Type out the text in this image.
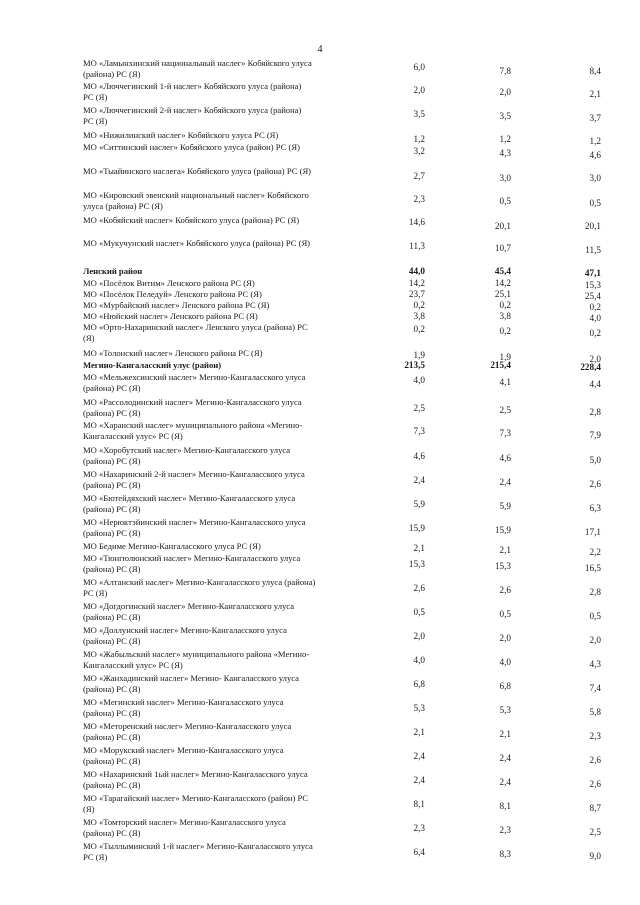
4
МО «Ламынхинский национальный наслег» Кобяйского улуса
(района) РС (Я)
6,0	7,8	8,4
МО «Люччегинский 1-й наслег» Кобяйского улуса (района)
РС (Я)
2,0	2,0	2,1
МО «Люччегинский 2-й наслег» Кобяйского улуса (района)
РС (Я)
3,5	3,5	3,7
МО «Нижилинский наслег» Кобяйского улуса РС (Я)	1,2	1,2	1,2
МО «Ситтинский наслег» Кобяйского улуса (район) РС (Я)	3,2	4,3	4,6
МО «Тыайинского наслега» Кобяйского улуса (района) РС (Я)	2,7	3,0	3,0
МО «Кировский эвенский национальный наслег» Кобяйского
улуса (района) РС (Я)
2,3	0,5	0,5
МО «Кобяйский наслег» Кобяйского улуса (района) РС (Я)	14,6	20,1	20,1
МО «Мукучунский наслег» Кобяйского улуса (района) РС (Я)	11,3	10,7	11,5
Ленский район	44,0	45,4	47,1
МО «Посёлок Витим» Ленского района РС (Я)	14,2	14,2	15,3
МО «Посёлок Пеледуй» Ленского района РС (Я)	23,7	25,1	25,4
МО «Мурбайский наслег» Ленского района РС (Я)	0,2	0,2	0,2
МО «Нюйский наслег» Ленского района РС (Я)	3,8	3,8	4,0
МО «Орто-Нахаринский наслег» Ленского улуса (района) РС
(Я)
0,2	0,2	0,2
МО «Толонский наслег» Ленского района РС (Я)	1,9	1,9	2,0
Мегино-Кангаласский улус (район)	213,5	215,4	228,4
МО «Мельжехсинский наслег» Мегино-Кангаласского улуса
(района) РС (Я)
4,0	4,1	4,4
МО «Рассолодинский наслег» Мегино-Кангаласского улуса
(района) РС (Я)	2,5	2,5	2,8
МО «Харанский наслег» муниципального района «Мегино-
Кангаласский улус» РС (Я)	7,3	7,3	7,9
МО «Хоробутский наслег» Мегино-Кангаласского улуса
(района) РС (Я)	4,6	4,6	5,0
МО «Нахаринский 2-й наслег» Мегино-Кангаласского улуса
(района) РС (Я)	2,4	2,4	2,6
МО «Бютейдяхский наслег» Мегино-Кангаласского улуса
(района) РС (Я)	5,9	5,9	6,3
МО «Нерюктэйинский наслег» Мегино-Кангаласского улуса
(района) РС (Я)	15,9	15,9	17,1
МО Бедиме Мегино-Кангаласского улуса РС (Я)	2,1	2,1	2,2
МО «Тюнгюлюнский наслег» Мегино-Кангаласского улуса
(района) РС (Я)	15,3	15,3	16,5
МО «Алтанский наслег» Мегино-Кангаласского улуса (района)
РС (Я)	2,6	2,6	2,8
МО «Догдогинский наслег» Мегино-Кангаласского улуса
(района) РС (Я)	0,5	0,5	0,5
МО «Доллунский наслег» Мегино-Кангаласского улуса
(района) РС (Я)	2,0	2,0	2,0
МО «Жабыльский наслег» муниципального района «Мегино-
Кангаласский улус» РС (Я)	4,0	4,0	4,3
МО «Жанхадинский наслег» Мегино- Кангаласского улуса
(района) РС (Я)	6,8	6,8	7,4
МО «Мегинский наслег» Мегино-Кангаласского улуса
(района) РС (Я)	5,3	5,3	5,8
МО «Меторенский наслег» Мегино-Кангаласского улуса
(района) РС (Я)	2,1	2,1	2,3
МО «Морукский наслег» Мегино-Кангаласского улуса
(района) РС (Я)	2,4	2,4	2,6
МО «Нахаринский 1ый наслег» Мегино-Кангаласского улуса
(района) РС (Я)	2,4	2,4	2,6
МО «Тарагайский наслег» Мегино-Кангаласского (район) РС
(Я)	8,1	8,1	8,7
МО «Томторский наслег» Мегино-Кангаласского улуса
(района) РС (Я)	2,3	2,3	2,5
МО «Тыллыминский 1-й наслег» Мегино-Кангаласского улуса
РС (Я)	6,4	8,3	9,0
